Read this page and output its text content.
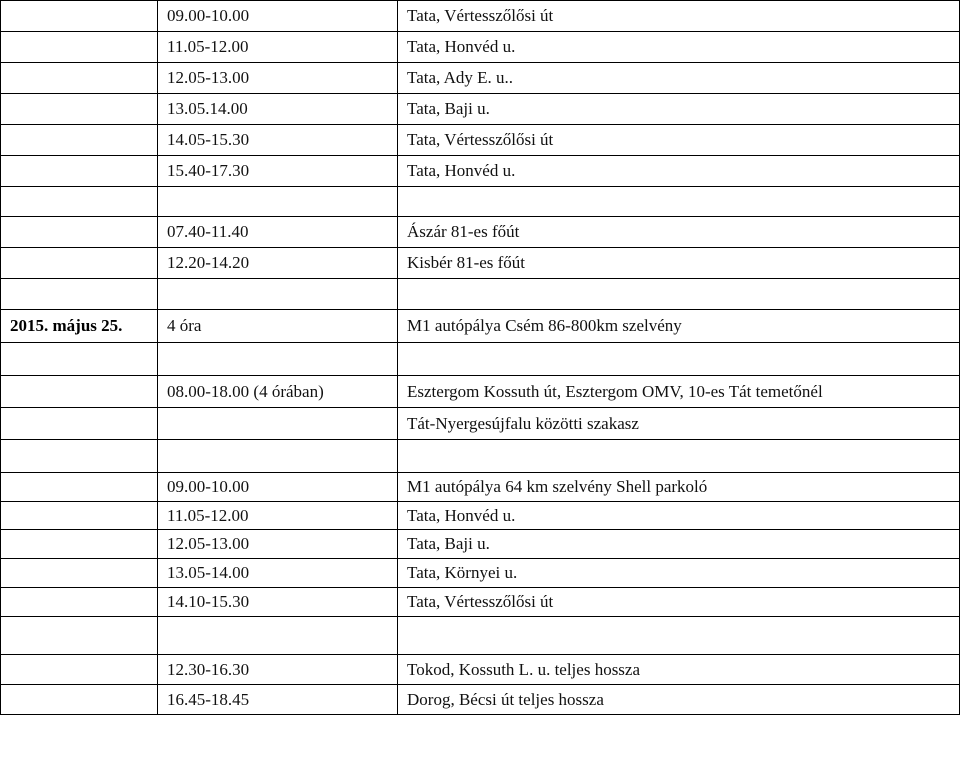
	09.00-10.00	Tata, Vértesszőlősi út
	11.05-12.00	Tata, Honvéd u.
	12.05-13.00	Tata, Ady E. u..
	13.05.14.00	Tata, Baji u.
	14.05-15.30	Tata, Vértesszőlősi út
	15.40-17.30	Tata, Honvéd u.

	07.40-11.40	Ászár 81-es főút
	12.20-14.20	Kisbér 81-es főút

2015. május 25.	4 óra	M1 autópálya Csém 86-800km szelvény

	08.00-18.00 (4 órában)	Esztergom Kossuth út, Esztergom OMV, 10-es Tát temetőnél
		Tát-Nyergesújfalu közötti szakasz

	09.00-10.00	M1 autópálya 64 km szelvény Shell parkoló
	11.05-12.00	Tata, Honvéd u.
	12.05-13.00	Tata, Baji u.
	13.05-14.00	Tata, Környei u.
	14.10-15.30	Tata, Vértesszőlősi út

	12.30-16.30	Tokod, Kossuth L. u. teljes hossza
	16.45-18.45	Dorog, Bécsi út teljes hossza
